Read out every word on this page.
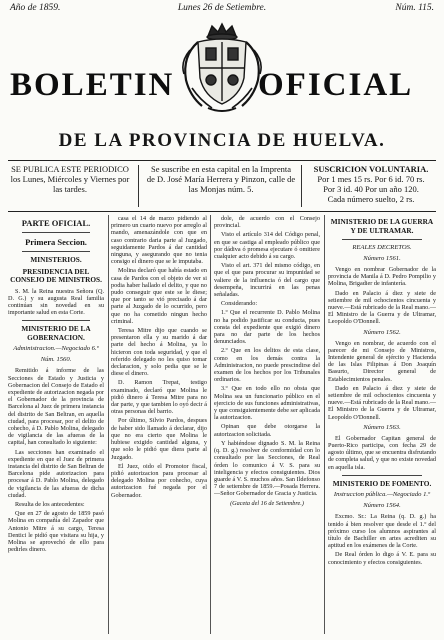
Año de 1859.	Lunes 26 de Setiembre.	Núm. 115.
BOLETIN	OFICIAL
DE LA PROVINCIA DE HUELVA.
SE PUBLICA ESTE PERIODICO los Lunes, Miércoles y Viernes por las tardes.
Se suscribe en esta capital en la Imprenta de D. José María Herrera y Pinzon, calle de las Monjas núm. 5.
SUSCRICION VOLUNTARIA.
Por 1 mes 15 rs. Por 6 id. 70 rs.
Por 3 id. 40 Por un año 120.
Cada número suelto, 2 rs.
PARTE OFICIAL.
Primera Seccion.
MINISTERIOS.
PRESIDENCIA DEL CONSEJO DE MINISTROS.

S. M. la Reina nuestra Señora (Q. D. G.) y su augusta Real familia continúan sin novedad en su importante salud en esta Corte.

MINISTERIO DE LA GOBERNACION.
Administracion.—Negociado 6.º
Núm. 1560.

Remitido á informe de las Secciones de Estado y Justicia y Gobernacion del Consejo de Estado el expediente de autorizacion negada por el Gobernador de la provincia de Barcelona al Juez de primera instancia del distrito de San Beltran, en aquella ciudad, para procesar, por el delito de cohecho, á D. Pablo Molina, delegado de vigilancia de las afueras de la capital, han consultado lo siguiente:

Las secciones han examinado el expediente en que el Juez de primera instancia del distrito de San Beltran de Barcelona pide autorizacion para procesar á D. Pablo Molina, delegado de vigilancia de las afueras de dicha ciudad.

Resulta de los antecedentes:

Que en 27 de agosto de 1859 pasó Molina en compañía del Zapador que Antonio Mitre á su cargo, Teresa Dentici le pidió que visitara su hija, y Molina se aprovechó de ello para pedirles dinero.

casa el 14 de marzo pidiendo al primero un cuarto nuevo por arreglo al mando, amenazándole con que en caso contrario daria parte al Juzgado, seguidamente Pardos á dar cantidad ninguna, y asegurando que no tenia consigo el dinero que se le imputaba.

Molina declaró que había estado en casa de Pardos con el objeto de ver si podia haber hallado el delito, y que no pudo conseguir que este se le diese; que por tanto se vió precisado á dar parte al Juzgado de lo ocurrido, pero que no ha cometido ningun hecho criminal.

Teresa Mitre dijo que cuando se presentaron ella y su marido á dar parte del hecho á Molina, ya lo hicieron con toda seguridad, y que el referido delegado no les quiso tomar declaracion, y solo pedia que se le diese el dinero.

D. Ramon Trepat, testigo examinado, declaró que Molina le pidió dinero á Teresa Mitre para no dar parte, y que tambien lo oyó decir á otras personas del barrio.

Por último, Silvio Pardos, despues de haber sido llamado á declarar, dijo que no era cierto que Molina le hubiese exigido cantidad alguna, y que solo le pidió que diera parte al Juzgado.

El Juez, oido el Promotor fiscal, pidió autorizacion para procesar al delegado Molina por cohecho, cuya autorizacion fué negada por el Gobernador.

dole, de acuerdo con el Consejo provincial.

Visto el artículo 314 del Código penal, en que se castiga al empleado público que por dádiva ó promesa ejecutare ó omitiere cualquier acto debido á su cargo.

Visto el art. 371 del mismo código, en que el que para procurar su impunidad se valiere de la influencia ó del cargo que desempeña, incurrirá en las penas señaladas.

Considerando:

1.º Que el recurrente D. Pablo Molina no ha podido justificar su conducta, pues consta del expediente que exigió dinero para no dar parte de los hechos denunciados.

2.º Que en los delitos de esta clase, como en los demás contra la Administracion, no puede prescindirse del examen de los hechos por los Tribunales ordinarios.

3.º Que en todo ello no obsta que Molina sea un funcionario público en el ejercicio de sus funciones administrativas, y que consiguientemente debe ser aplicada la autorizacion.

Opinan que debe otorgarse la autorizacion solicitada.

Y habiéndose dignado S. M. la Reina (q. D. g.) resolver de conformidad con lo consultado por las Secciones, de Real órden lo comunico á V. S. para su inteligencia y efectos consiguientes. Dios guarde á V. S. muchos años. San Ildefonso 7 de setiembre de 1859.—Posada Herrera.—Señor Gobernador de Gracia y Justicia.

(Gaceta del 16 de Setiembre.)
MINISTERIO DE LA GUERRA Y DE ULTRAMAR.
REALES DECRETOS.
Número 1561.

Vengo en nombrar Gobernador de la provincia de Manila á D. Pedro Pompilio y Molina, Brigadier de infantería.

Dado en Palacio á diez y siete de setiembre de mil ochocientos cincuenta y nueve.—Está rubricado de la Real mano.—El Ministro de la Guerra y de Ultramar, Leopoldo O'Donnell.

Número 1562.

Vengo en nombrar, de acuerdo con el parecer de mi Consejo de Ministros, Intendente general de ejército y Hacienda de las Islas Filipinas á Don Joaquín Basurto, Director general de Establecimientos penales.

Dado en Palacio á diez y siete de setiembre de mil ochocientos cincuenta y nueve.—Está rubricado de la Real mano.—El Ministro de la Guerra y de Ultramar, Leopoldo O'Donnell.

Número 1563.

El Gobernador Capitan general de Puerto-Rico participa, con fecha 29 de agosto último, que se encuentra disfrutando de completa salud, y que no existe novedad en aquella isla.

MINISTERIO DE FOMENTO.
Instruccion pública.—Negociado 1.º
Número 1564.

Excmo. Sr.: La Reina (q. D. g.) ha tenido á bien resolver que desde el 1.º del próximo curso los alumnos aspirantes al título de Bachiller en artes acrediten su aptitud en los exámenes de la Corte.

De Real órden lo digo á V. E. para su conocimiento y efectos consiguientes.
